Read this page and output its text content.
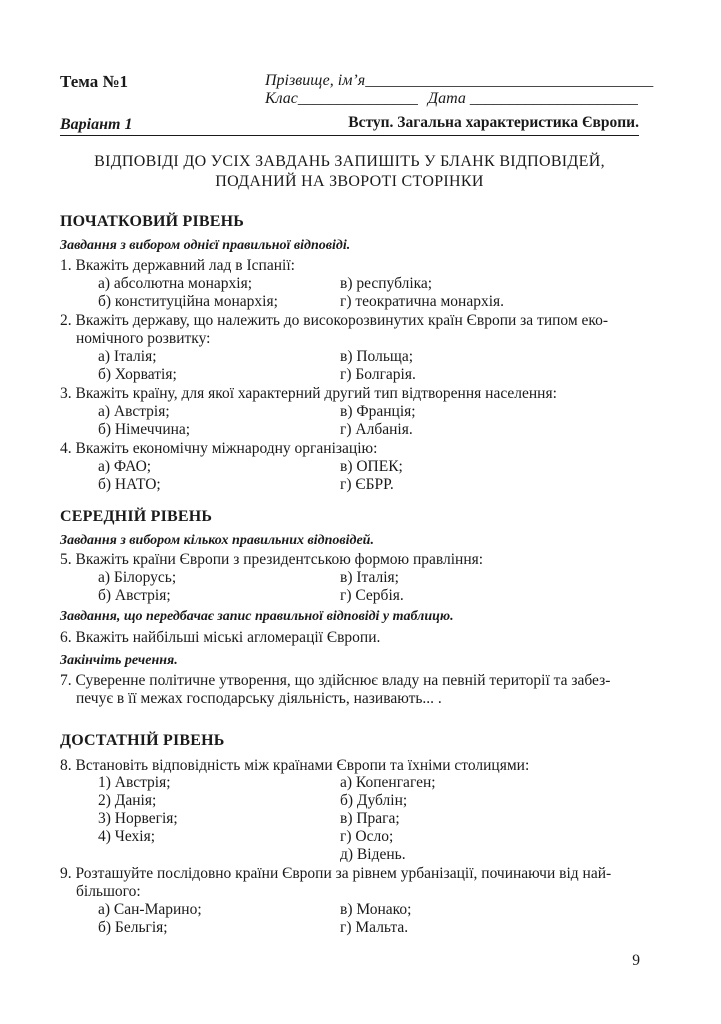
Тема №1	Прізвище, ім’я____________________________________
Клас_______________ Дата _____________________
Варіант 1	Вступ. Загальна характеристика Європи.
ВІДПОВІДІ ДО УСІХ ЗАВДАНЬ ЗАПИШІТЬ У БЛАНК ВІДПОВІДЕЙ,
ПОДАНИЙ НА ЗВОРОТІ СТОРІНКИ
ПОЧАТКОВИЙ РІВЕНЬ
Завдання з вибором однієї правильної відповіді.
1. Вкажіть державний лад в Іспанії:
а) абсолютна монархія;	в) республіка;
б) конституційна монархія;	г) теократична монархія.
2. Вкажіть державу, що належить до високорозвинутих країн Європи за типом еко-
номічного розвитку:
а) Італія;	в) Польща;
б) Хорватія;	г) Болгарія.
3. Вкажіть країну, для якої характерний другий тип відтворення населення:
а) Австрія;	в) Франція;
б) Німеччина;	г) Албанія.
4. Вкажіть економічну міжнародну організацію:
а) ФАО;	в) ОПЕК;
б) НАТО;	г) ЄБРР.
СЕРЕДНІЙ РІВЕНЬ
Завдання з вибором кількох правильних відповідей.
5. Вкажіть країни Європи з президентською формою правління:
а) Білорусь;	в) Італія;
б) Австрія;	г) Сербія.
Завдання, що передбачає запис правильної відповіді у таблицю.
6. Вкажіть найбільші міські агломерації Європи.
Закінчіть речення.
7. Суверенне політичне утворення, що здійснює владу на певній території та забез-
печує в її межах господарську діяльність, називають... .
ДОСТАТНІЙ РІВЕНЬ
8. Встановіть відповідність між країнами Європи та їхніми столицями:
1) Австрія;	а) Копенгаген;
2) Данія;	б) Дублін;
3) Норвегія;	в) Прага;
4) Чехія;	г) Осло;
д) Відень.
9. Розташуйте послідовно країни Європи за рівнем урбанізації, починаючи від най-
більшого:
а) Сан-Марино;	в) Монако;
б) Бельгія;	г) Мальта.
9
